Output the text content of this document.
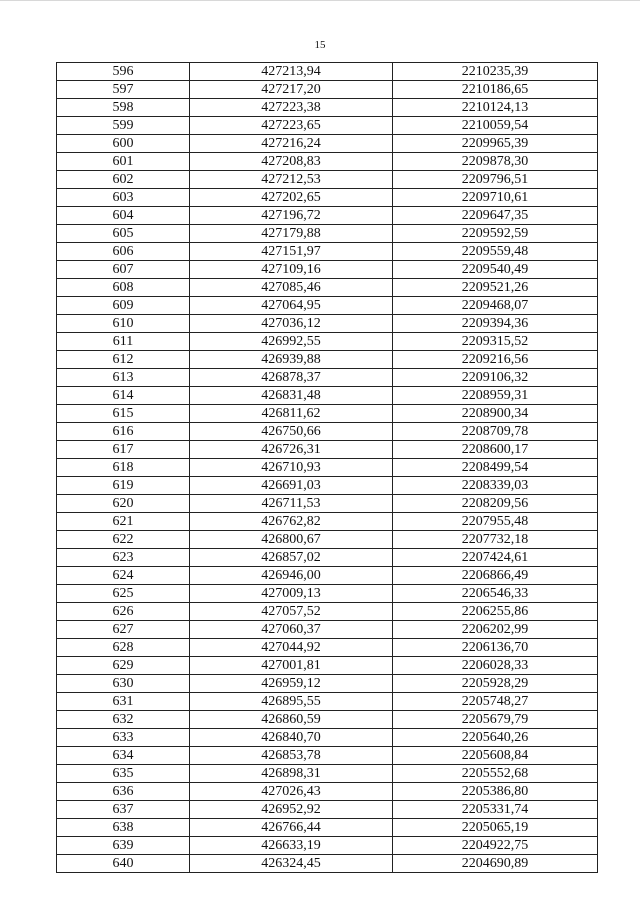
15
596	427213,94	2210235,39
597	427217,20	2210186,65
598	427223,38	2210124,13
599	427223,65	2210059,54
600	427216,24	2209965,39
601	427208,83	2209878,30
602	427212,53	2209796,51
603	427202,65	2209710,61
604	427196,72	2209647,35
605	427179,88	2209592,59
606	427151,97	2209559,48
607	427109,16	2209540,49
608	427085,46	2209521,26
609	427064,95	2209468,07
610	427036,12	2209394,36
611	426992,55	2209315,52
612	426939,88	2209216,56
613	426878,37	2209106,32
614	426831,48	2208959,31
615	426811,62	2208900,34
616	426750,66	2208709,78
617	426726,31	2208600,17
618	426710,93	2208499,54
619	426691,03	2208339,03
620	426711,53	2208209,56
621	426762,82	2207955,48
622	426800,67	2207732,18
623	426857,02	2207424,61
624	426946,00	2206866,49
625	427009,13	2206546,33
626	427057,52	2206255,86
627	427060,37	2206202,99
628	427044,92	2206136,70
629	427001,81	2206028,33
630	426959,12	2205928,29
631	426895,55	2205748,27
632	426860,59	2205679,79
633	426840,70	2205640,26
634	426853,78	2205608,84
635	426898,31	2205552,68
636	427026,43	2205386,80
637	426952,92	2205331,74
638	426766,44	2205065,19
639	426633,19	2204922,75
640	426324,45	2204690,89
